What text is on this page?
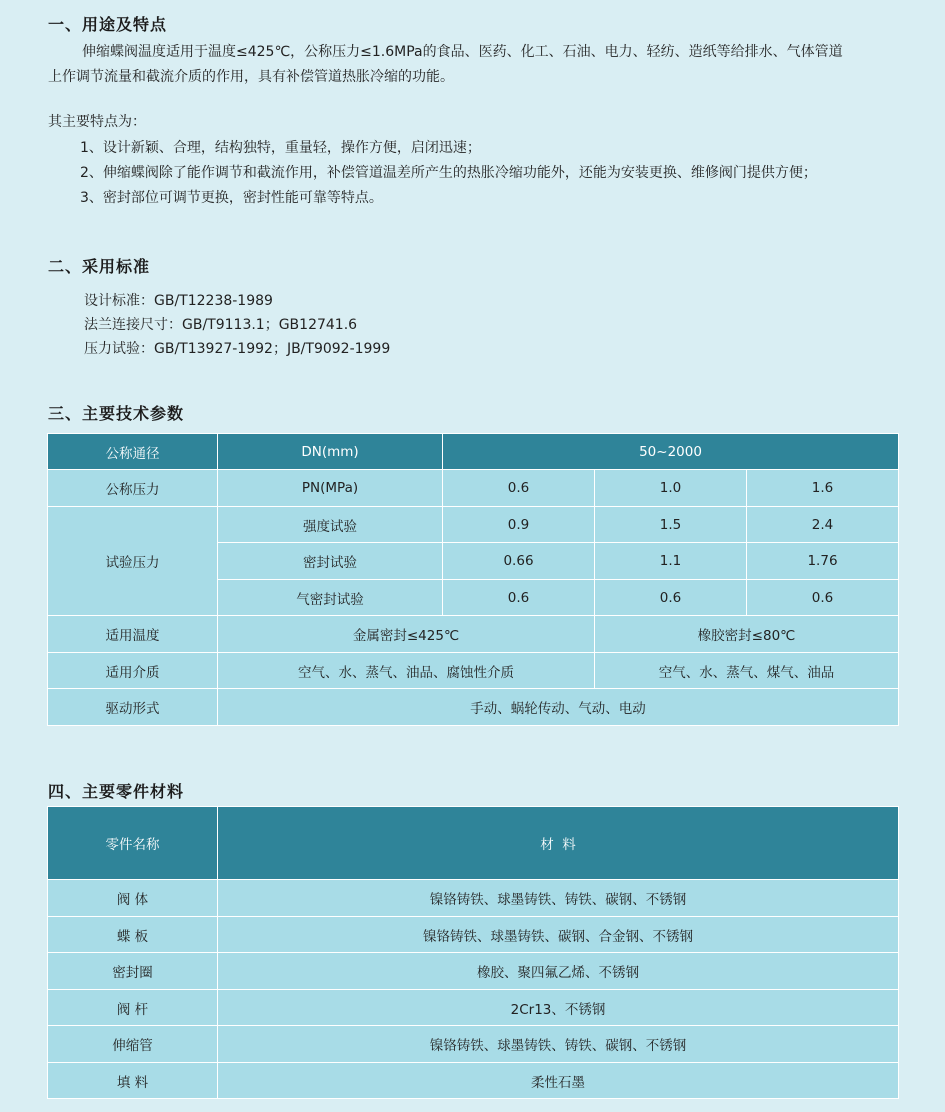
一、用途及特点
伸缩蝶阀温度适用于温度≤425℃，公称压力≤1.6MPa的食品、医药、化工、石油、电力、轻纺、造纸等给排水、气体管道
上作调节流量和截流介质的作用，具有补偿管道热胀冷缩的功能。
其主要特点为：
1、设计新颖、合理，结构独特，重量轻，操作方便，启闭迅速；
2、伸缩蝶阀除了能作调节和截流作用，补偿管道温差所产生的热胀冷缩功能外，还能为安装更换、维修阀门提供方便；
3、密封部位可调节更换，密封性能可靠等特点。
二、采用标准
设计标准：GB/T12238-1989
法兰连接尺寸：GB/T9113.1；GB12741.6
压力试验：GB/T13927-1992；JB/T9092-1999
三、主要技术参数
公称通径	DN(mm)	50~2000		
公称压力	PN(MPa)	0.6	1.0	1.6
试验压力	强度试验	0.9	1.5	2.4
	密封试验	0.66	1.1	1.76
	气密封试验	0.6	0.6	0.6
适用温度	金属密封≤425℃		橡胶密封≤80℃	
适用介质	空气、水、蒸气、油品、腐蚀性介质		空气、水、蒸气、煤气、油品	
驱动形式	手动、蜗轮传动、气动、电动			
四、主要零件材料
零件名称	材  料
阀 体	镍铬铸铁、球墨铸铁、铸铁、碳钢、不锈钢
蝶 板	镍铬铸铁、球墨铸铁、碳钢、合金钢、不锈钢
密封圈	橡胶、聚四氟乙烯、不锈钢
阀 杆	2Cr13、不锈钢
伸缩管	镍铬铸铁、球墨铸铁、铸铁、碳钢、不锈钢
填 料	柔性石墨
